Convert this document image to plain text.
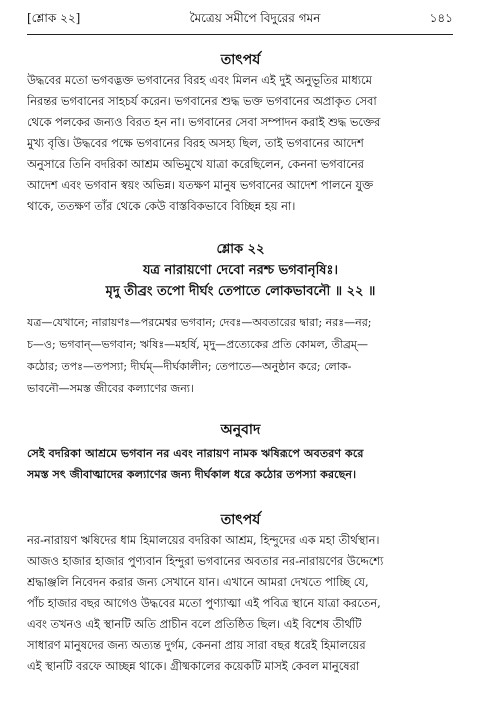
[শ্লোক ২২]	মৈত্রেয় সমীপে বিদুরের গমন	১৪১
তাৎপর্য
উদ্ধবের মতো ভগবদ্ভক্ত ভগবানের বিরহ এবং মিলন এই দুই অনুভূতির মাধ্যমে
নিরন্তর ভগবানের সাহচর্য করেন। ভগবানের শুদ্ধ ভক্ত ভগবানের অপ্রাকৃত সেবা
থেকে পলকের জন্যও বিরত হন না। ভগবানের সেবা সম্পাদন করাই শুদ্ধ ভক্তের
মুখ্য বৃত্তি। উদ্ধবের পক্ষে ভগবানের বিরহ অসহ্য ছিল, তাই ভগবানের আদেশ
অনুসারে তিনি বদরিকা আশ্রম অভিমুখে যাত্রা করেছিলেন, কেননা ভগবানের
আদেশ এবং ভগবান স্বয়ং অভিন্ন। যতক্ষণ মানুষ ভগবানের আদেশ পালনে যুক্ত
থাকে, ততক্ষণ তাঁর থেকে কেউ বাস্তবিকভাবে বিচ্ছিন্ন হয় না।
শ্লোক ২২
যত্র নারায়ণো দেবো নরশ্চ ভগবানৃষিঃ।
মৃদু তীব্রং তপো দীর্ঘং তেপাতে লোকভাবনৌ ॥ ২২ ॥
যত্র—যেখানে; নারায়ণঃ—পরমেশ্বর ভগবান; দেবঃ—অবতারের দ্বারা; নরঃ—নর;
চ—ও; ভগবান্—ভগবান; ঋষিঃ—মহর্ষি, মৃদু—প্রত্যেকের প্রতি কোমল, তীব্রম্—
কঠোর; তপঃ—তপস্যা; দীর্ঘম্—দীর্ঘকালীন; তেপাতে—অনুষ্ঠান করে; লোক-
ভাবনৌ—সমস্ত জীবের কল্যাণের জন্য।
অনুবাদ
সেই বদরিকা আশ্রমে ভগবান নর এবং নারায়ণ নামক ঋষিরূপে অবতরণ করে
সমস্ত সৎ জীবাত্মাদের কল্যাণের জন্য দীর্ঘকাল ধরে কঠোর তপস্যা করছেন।
তাৎপর্য
নর-নারায়ণ ঋষিদের ধাম হিমালয়ের বদরিকা আশ্রম, হিন্দুদের এক মহা তীর্থস্থান।
আজও হাজার হাজার পুণ্যবান হিন্দুরা ভগবানের অবতার নর-নারায়ণের উদ্দেশ্যে
শ্রদ্ধাঞ্জলি নিবেদন করার জন্য সেখানে যান। এখানে আমরা দেখতে পাচ্ছি যে,
পাঁচ হাজার বছর আগেও উদ্ধবের মতো পুণ্যাত্মা এই পবিত্র স্থানে যাত্রা করতেন,
এবং তখনও এই স্থানটি অতি প্রাচীন বলে প্রতিষ্ঠিত ছিল। এই বিশেষ তীর্থটি
সাধারণ মানুষদের জন্য অত্যন্ত দুর্গম, কেননা প্রায় সারা বছর ধরেই হিমালয়ের
এই স্থানটি বরফে আচ্ছন্ন থাকে। গ্রীষ্মকালের কয়েকটি মাসই কেবল মানুষেরা
